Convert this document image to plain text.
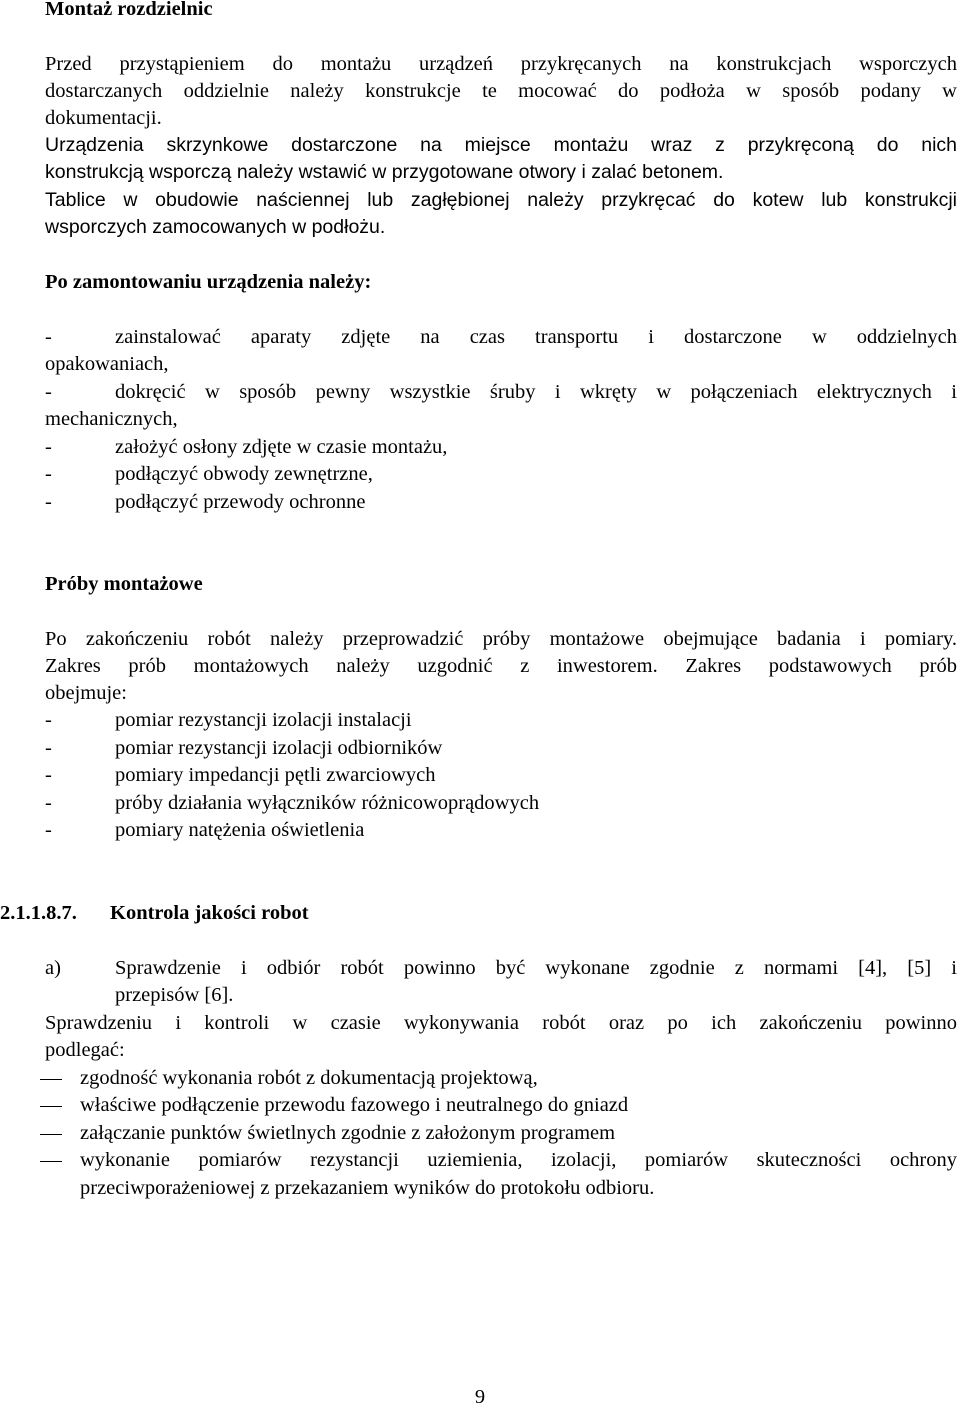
Montaż rozdzielnic
Przed przystąpieniem do montażu urządzeń przykręcanych na konstrukcjach wsporczych
dostarczanych oddzielnie należy konstrukcje te mocować do podłoża w sposób podany w
dokumentacji.
Urządzenia skrzynkowe dostarczone na miejsce montażu wraz z przykręconą do nich
konstrukcją wsporczą należy wstawić w przygotowane otwory i zalać betonem.
Tablice w obudowie naściennej lub zagłębionej należy przykręcać do kotew lub konstrukcji
wsporczych zamocowanych w podłożu.
Po zamontowaniu urządzenia należy:
-	zainstalować aparaty zdjęte na czas transportu i dostarczone w oddzielnych
opakowaniach,
-	dokręcić w sposób pewny wszystkie śruby i wkręty w połączeniach elektrycznych i
mechanicznych,
-	założyć osłony zdjęte w czasie montażu,
-	podłączyć obwody zewnętrzne,
-	podłączyć przewody ochronne
Próby montażowe
Po zakończeniu robót należy przeprowadzić próby montażowe obejmujące badania i pomiary.
Zakres prób montażowych należy uzgodnić z inwestorem. Zakres podstawowych prób
obejmuje:
-	pomiar rezystancji izolacji instalacji
-	pomiar rezystancji izolacji odbiorników
-	pomiary impedancji pętli zwarciowych
-	próby działania wyłączników różnicowoprądowych
-	pomiary natężenia oświetlenia
2.1.1.8.7. Kontrola jakości robot
a)	Sprawdzenie i odbiór robót powinno być wykonane zgodnie z normami [4], [5] i
przepisów [6].
Sprawdzeniu i kontroli w czasie wykonywania robót oraz po ich zakończeniu powinno
podlegać:
zgodność wykonania robót z dokumentacją projektową,
właściwe podłączenie przewodu fazowego i neutralnego do gniazd
załączanie punktów świetlnych zgodnie z założonym programem
wykonanie pomiarów rezystancji uziemienia, izolacji, pomiarów skuteczności ochrony
przeciwporażeniowej z przekazaniem wyników do protokołu odbioru.
9
